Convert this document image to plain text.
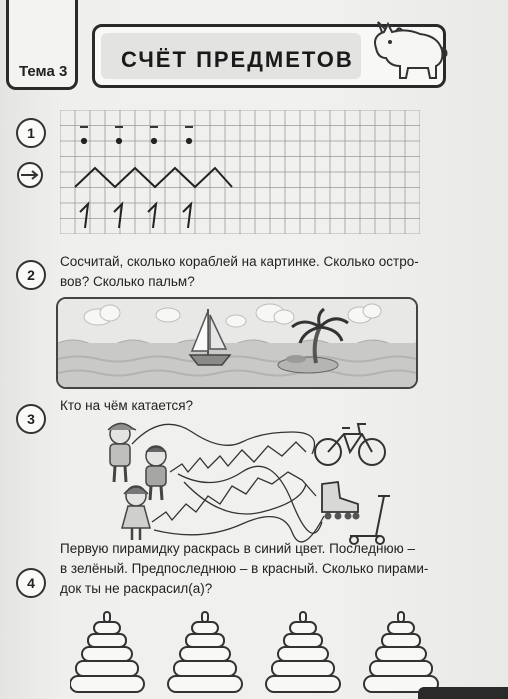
Тема 3 СЧЁТ ПРЕДМЕТОВ
1
2
Сосчитай, сколько кораблей на картинке. Сколько остро-
вов? Сколько пальм?
3
Кто на чём катается?
4
Первую пирамидку раскрась в синий цвет. Последнюю –
в зелёный. Предпоследнюю – в красный. Сколько пирами-
док ты не раскрасил(а)?
